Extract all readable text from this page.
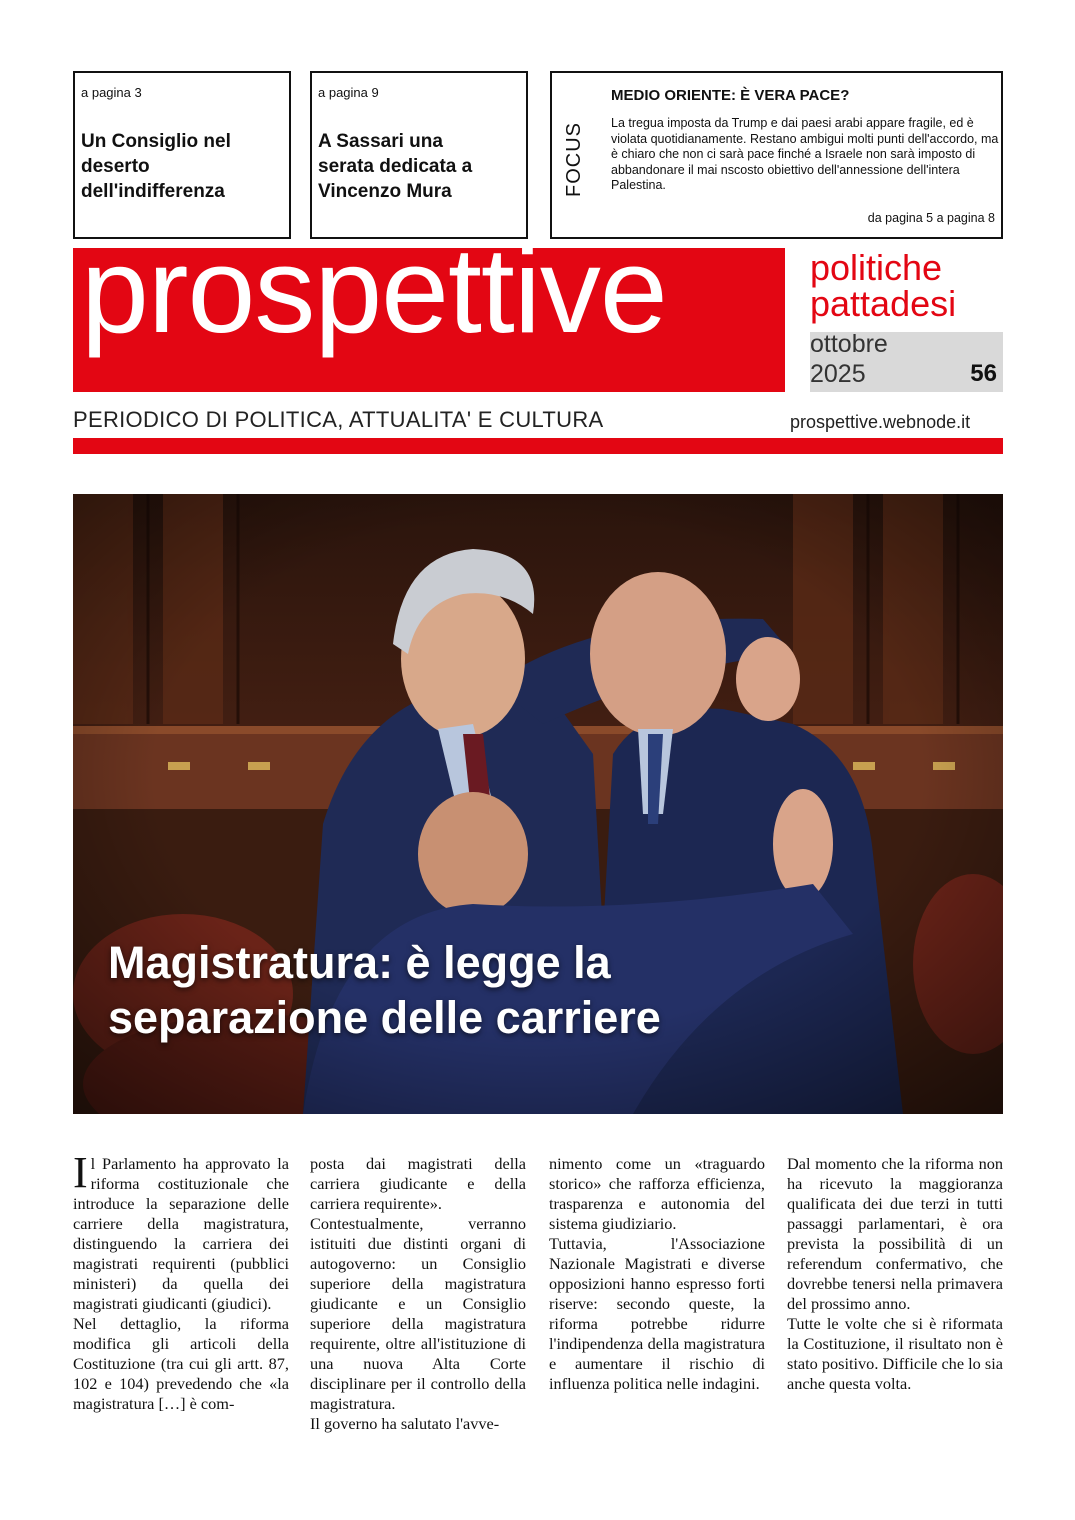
a pagina 3
Un Consiglio nel
deserto
dell'indifferenza
a pagina 9
A Sassari una
serata dedicata a
Vincenzo Mura	FOCUS
MEDIO ORIENTE: È VERA PACE?
La tregua imposta da Trump e dai paesi arabi appare fragile, ed è violata quotidianamente. Restano ambigui molti punti dell'accordo, ma è chiaro che non ci sarà pace finché a Israele non sarà imposto di abbandonare il mai nscosto obiettivo dell'annessione dell'intera Palestina.
da pagina 5 a pagina 8
prospettive	politiche
pattadesi
ottobre
2025	56
PERIODICO DI POLITICA, ATTUALITA' E CULTURA	prospettive.webnode.it
Magistratura: è legge la
separazione delle carriere

Il Parlamento ha approvato la riforma costituzionale che introduce la separazione delle carriere della magistratura, distinguendo la carriera dei magistrati requirenti (pubblici ministeri) da quella dei magistrati giudicanti (giudici).

Nel dettaglio, la riforma modifica gli articoli della Costituzione (tra cui gli artt. 87, 102 e 104) prevedendo che «la magistratura […] è com-

posta dai magistrati della carriera giudicante e della carriera requirente».

Contestualmente, verranno istituiti due distinti organi di autogoverno: un Consiglio superiore della magistratura giudicante e un Consiglio superiore della magistratura requirente, oltre all'istituzione di una nuova Alta Corte disciplinare per il controllo della magistratura.

Il governo ha salutato l'avve-

nimento come un «traguardo storico» che rafforza efficienza, trasparenza e autonomia del sistema giudiziario.

Tuttavia, l'Associazione Nazionale Magistrati e diverse opposizioni hanno espresso forti riserve: secondo queste, la riforma potrebbe ridurre l'indipendenza della magistratura e aumentare il rischio di influenza politica nelle indagini.

Dal momento che la riforma non ha ricevuto la maggioranza qualificata dei due terzi in tutti passaggi parlamentari, è ora prevista la possibilità di un referendum confermativo, che dovrebbe tenersi nella primavera del prossimo anno.

Tutte le volte che si è riformata la Costituzione, il risultato non è stato positivo. Difficile che lo sia anche questa volta.
